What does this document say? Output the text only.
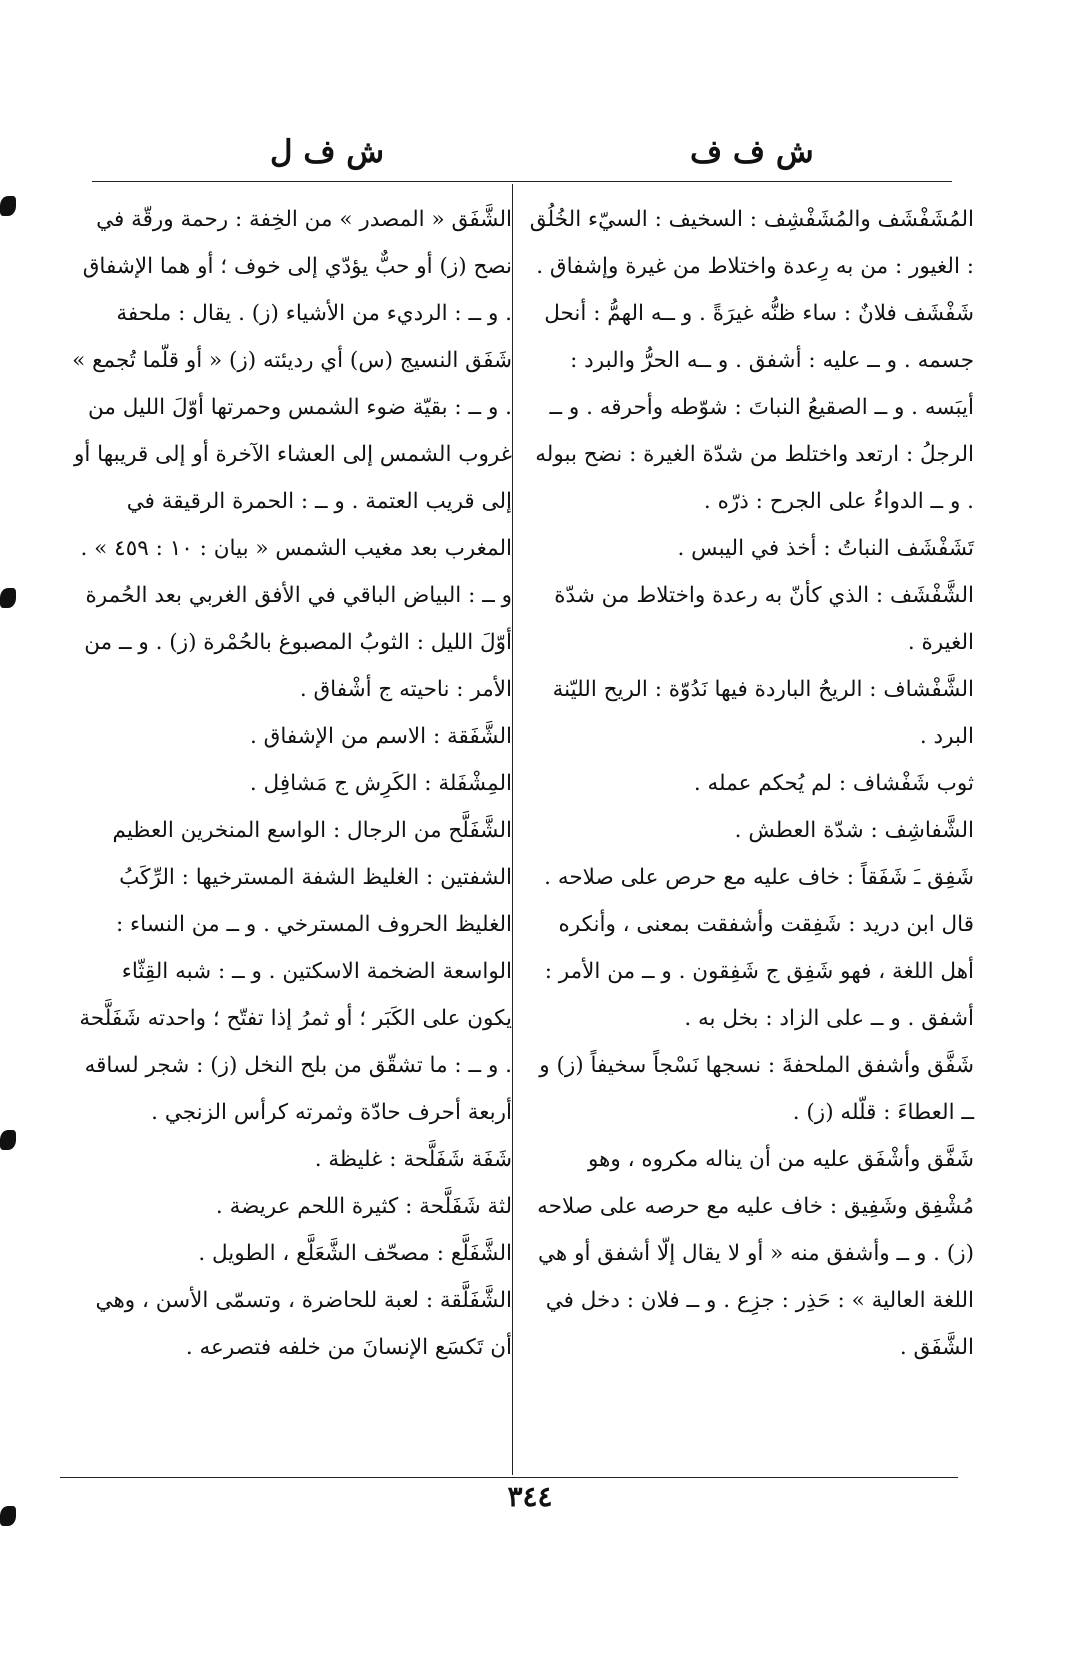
ش ف ف
ش ف ل

المُشَفْشَف والمُشَفْشِف : السخيف : السيّء الخُلُق : الغيور : من به رِعدة واختلاط من غيرة وإشفاق .

شَفْشَف فلانٌ : ساء ظنُّه غيرَةً . و ــه الهمُّ : أنحل جسمه . و ــ عليه : أشفق . و ــه الحرُّ والبرد : أيبَسه . و ــ الصقيعُ النباتَ : شوّطه وأحرقه . و ــ الرجلُ : ارتعد واختلط من شدّة الغيرة : نضح ببوله . و ــ الدواءُ على الجرح : ذرّه .

تَشَفْشَف النباتُ : أخذ في اليبس .

الشَّفْشَف : الذي كأنّ به رعدة واختلاط من شدّة الغيرة .

الشَّفْشاف : الريحُ الباردة فيها نَدُوّة : الريح الليّنة البرد .

ثوب شَفْشاف : لم يُحكم عمله .

الشَّفاشِف : شدّة العطش .

شَفِق ـَ شَفَقاً : خاف عليه مع حرص على صلاحه .

قال ابن دريد : شَفِقت وأشفقت بمعنى ، وأنكره أهل اللغة ، فهو شَفِق ج شَفِقون . و ــ من الأمر : أشفق . و ــ على الزاد : بخل به .

شَفَّق وأشفق الملحفةَ : نسجها نَسْجاً سخيفاً (ز) و ــ العطاءَ : قلّله (ز) .

شَفَّق وأشْفَق عليه من أن يناله مكروه ، وهو مُشْفِق وشَفِيق : خاف عليه مع حرصه على صلاحه (ز) . و ــ وأشفق منه « أو لا يقال إلّا أشفق أو هي اللغة العالية » : حَذِر : جزِع . و ــ فلان : دخل في الشَّفَق .

الشَّفَق « المصدر » من الخِفة : رحمة ورقّة في نصح (ز) أو حبٌّ يؤدّي إلى خوف ؛ أو هما الإشفاق . و ــ : الرديء من الأشياء (ز) . يقال : ملحفة شَفَق النسيج (س) أي رديئته (ز) « أو قلّما تُجمع » . و ــ : بقيّة ضوء الشمس وحمرتها أوّلَ الليل من غروب الشمس إلى العشاء الآخرة أو إلى قريبها أو إلى قريب العتمة . و ــ : الحمرة الرقيقة في المغرب بعد مغيب الشمس « بيان : ١٠ : ٤٥٩ » . و ــ : البياض الباقي في الأفق الغربي بعد الحُمرة أوّلَ الليل : الثوبُ المصبوغ بالحُمْرة (ز) . و ــ من الأمر : ناحيته ج أشْفاق .

الشَّفَقة : الاسم من الإشفاق .

المِشْفَلة : الكَرِش ج مَشافِل .

الشَّفَلَّح من الرجال : الواسع المنخرين العظيم الشفتين : الغليظ الشفة المسترخيها : الرِّكَبُ الغليظ الحروف المسترخي . و ــ من النساء : الواسعة الضخمة الاسكتين . و ــ : شبه القِثّاء يكون على الكَبَر ؛ أو ثمرُ إذا تفتّح ؛ واحدته شَفَلَّحة . و ــ : ما تشقّق من بلح النخل (ز) : شجر لساقه أربعة أحرف حادّة وثمرته كرأس الزنجي .

شَفَة شَفَلَّحة : غليظة .

لثة شَفَلَّحة : كثيرة اللحم عريضة .

الشَّفَلَّع : مصحّف الشَّعَلَّع ، الطويل .

الشَّفَلَّقة : لعبة للحاضرة ، وتسمّى الأسن ، وهي أن تَكسَع الإنسانَ من خلفه فتصرعه .

٣٤٤
